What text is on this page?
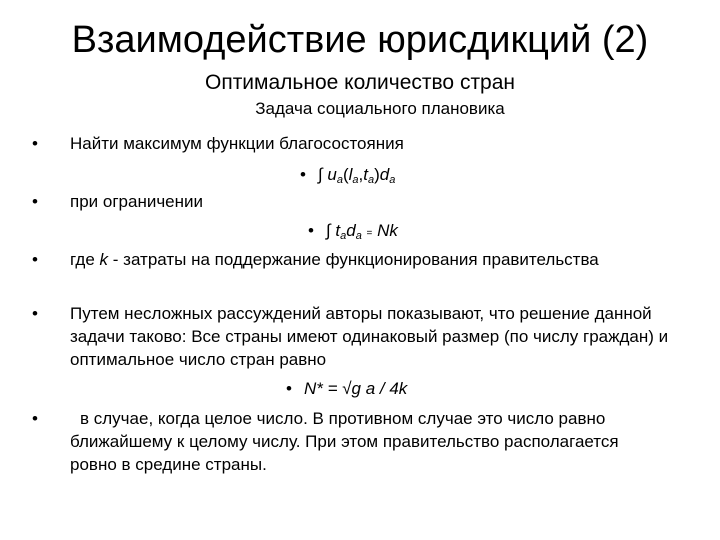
Взаимодействие юрисдикций (2)
Оптимальное количество стран
Задача социального плановика
• Найти максимум функции благосостояния
• ∫ $u_a(l_a,t_a)d_a$
• при ограничении
• ∫ $t_ad_a = Nk$
• где k - затраты на поддержание функционирования правительства
• Путем несложных рассуждений авторы показывают, что решение данной задачи таково: Все страны имеют одинаковый размер (по числу граждан) и оптимальное число стран равно
• N* = √g a / 4k
•	в случае, когда целое число. В противном случае это число равно ближайшему к целому числу. При этом правительство располагается ровно в средине страны.
